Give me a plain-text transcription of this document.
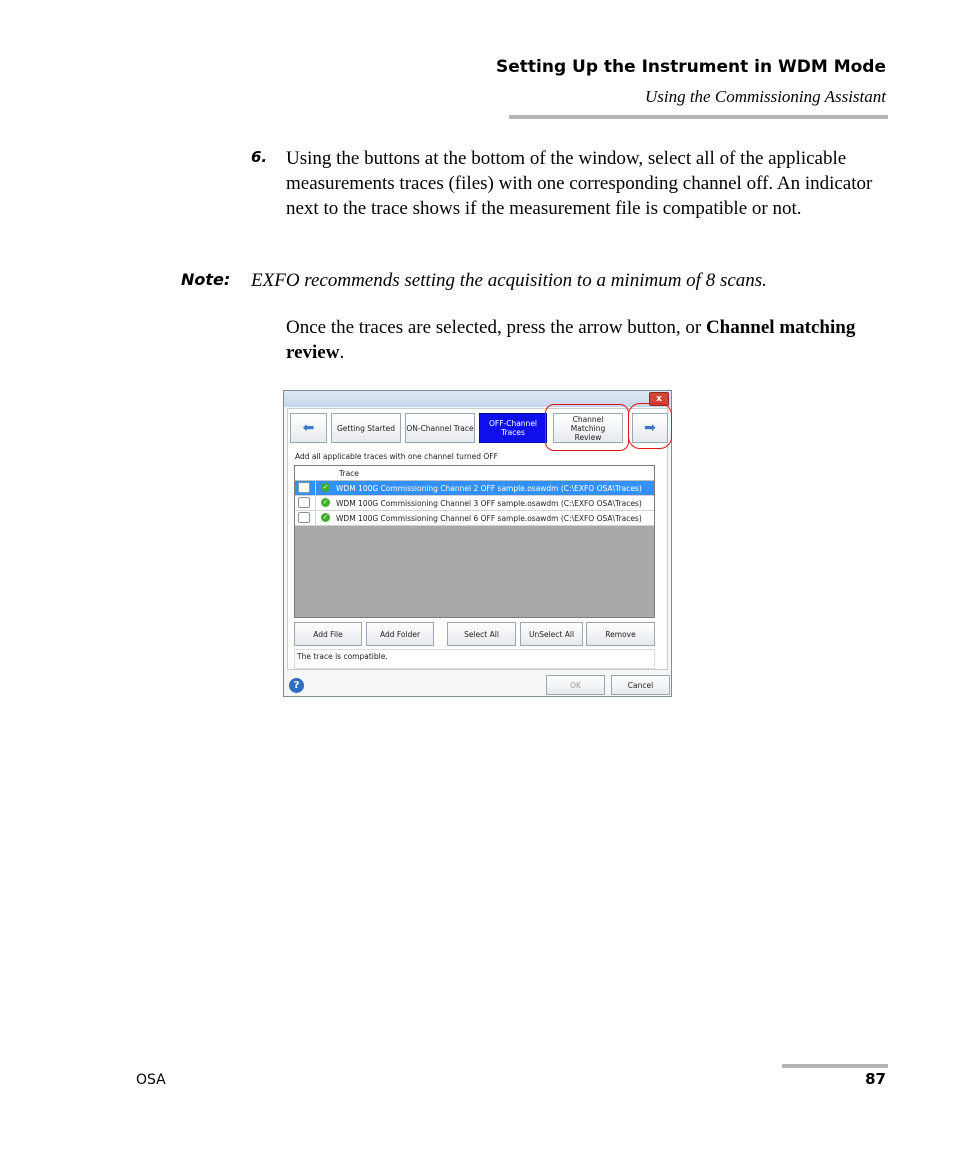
Setting Up the Instrument in WDM Mode
Using the Commissioning Assistant
6. Using the buttons at the bottom of the window, select all of the applicable measurements traces (files) with one corresponding channel off. An indicator next to the trace shows if the measurement file is compatible or not.
Note: EXFO recommends setting the acquisition to a minimum of 8 scans.
Once the traces are selected, press the arrow button, or Channel matching review.
x
⬅	Getting Started	ON-Channel Trace	OFF-Channel Traces
Channel Matching Review
➡
Add all applicable traces with one channel turned OFF
Trace
✓ WDM 100G Commissioning Channel 2 OFF sample.osawdm (C:\EXFO OSA\Traces)
✓ WDM 100G Commissioning Channel 3 OFF sample.osawdm (C:\EXFO OSA\Traces)
✓ WDM 100G Commissioning Channel 6 OFF sample.osawdm (C:\EXFO OSA\Traces)
Add File	Add Folder	Select All	UnSelect All	Remove
The trace is compatible.
?	OK	Cancel
OSA	87
